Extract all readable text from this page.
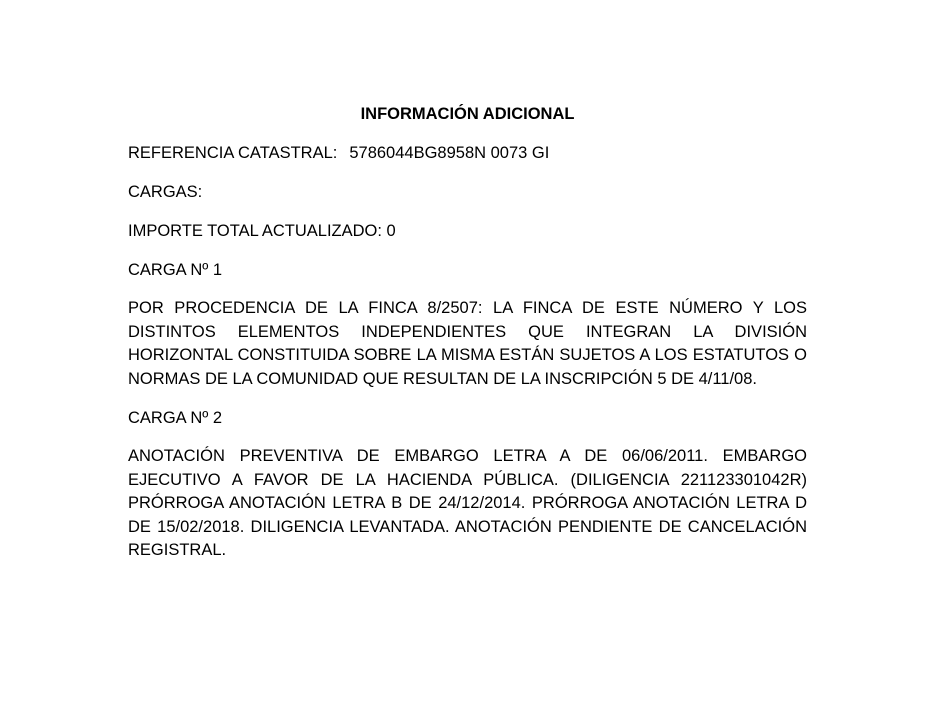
INFORMACIÓN ADICIONAL
REFERENCIA CATASTRAL: 5786044BG8958N 0073 GI
CARGAS:
IMPORTE TOTAL ACTUALIZADO: 0
CARGA Nº 1
POR PROCEDENCIA DE LA FINCA 8/2507: LA FINCA DE ESTE NÚMERO Y LOS DISTINTOS ELEMENTOS INDEPENDIENTES QUE INTEGRAN LA DIVISIÓN HORIZONTAL CONSTITUIDA SOBRE LA MISMA ESTÁN SUJETOS A LOS ESTATUTOS O NORMAS DE LA COMUNIDAD QUE RESULTAN DE LA INSCRIPCIÓN 5 DE 4/11/08.
CARGA Nº 2
ANOTACIÓN PREVENTIVA DE EMBARGO LETRA A DE 06/06/2011. EMBARGO EJECUTIVO A FAVOR DE LA HACIENDA PÚBLICA. (DILIGENCIA 221123301042R) PRÓRROGA ANOTACIÓN LETRA B DE 24/12/2014. PRÓRROGA ANOTACIÓN LETRA D DE 15/02/2018. DILIGENCIA LEVANTADA. ANOTACIÓN PENDIENTE DE CANCELACIÓN REGISTRAL.
